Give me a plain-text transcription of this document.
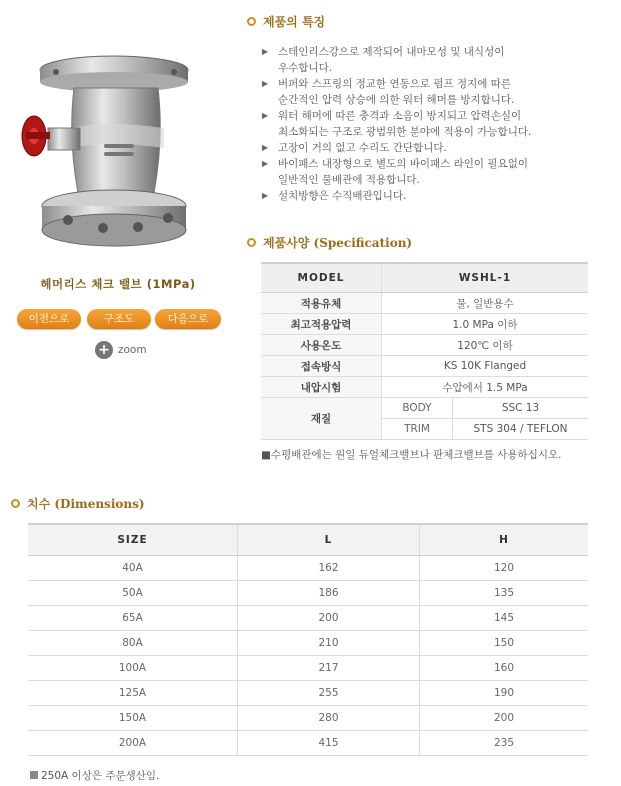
헤머리스 체크 밸브 (1MPa)
이전으로	구조도	다음으로
+ zoom
제품의 특징
▶ 스테인리스강으로 제작되어 내마모성 및 내식성이
우수합니다.
▶ 버퍼와 스프링의 정교한 연동으로 펌프 정지에 따른
순간적인 압력 상승에 의한 워터 해머를 방지합니다.
▶ 워터 해머에 따른 충격과 소음이 방지되고 압력손실이
최소화되는 구조로 광범위한 분야에 적용이 가능합니다.
▶ 고장이 거의 없고 수리도 간단합니다.
▶ 바이패스 내장형으로 별도의 바이패스 라인이 필요없이
일반적인 물배관에 적용합니다.
▶ 설치방향은 수직배관입니다.
제품사양 (Specification)
MODEL	WSHL-1	
적용유체	물, 일반용수	
최고적용압력	1.0 MPa 이하	
사용온도	120℃ 이하	
접속방식	KS 10K Flanged	
내압시험	수압에서 1.5 MPa	
재질	BODY	SSC 13
	TRIM	STS 304 / TEFLON
■수평배관에는 원일 듀얼체크밸브나 판체크밸브를 사용하십시오.
치수 (Dimensions)
SIZE	L	H
40A	162	120
50A	186	135
65A	200	145
80A	210	150
100A	217	160
125A	255	190
150A	280	200
200A	415	235
250A 이상은 주문생산임.
